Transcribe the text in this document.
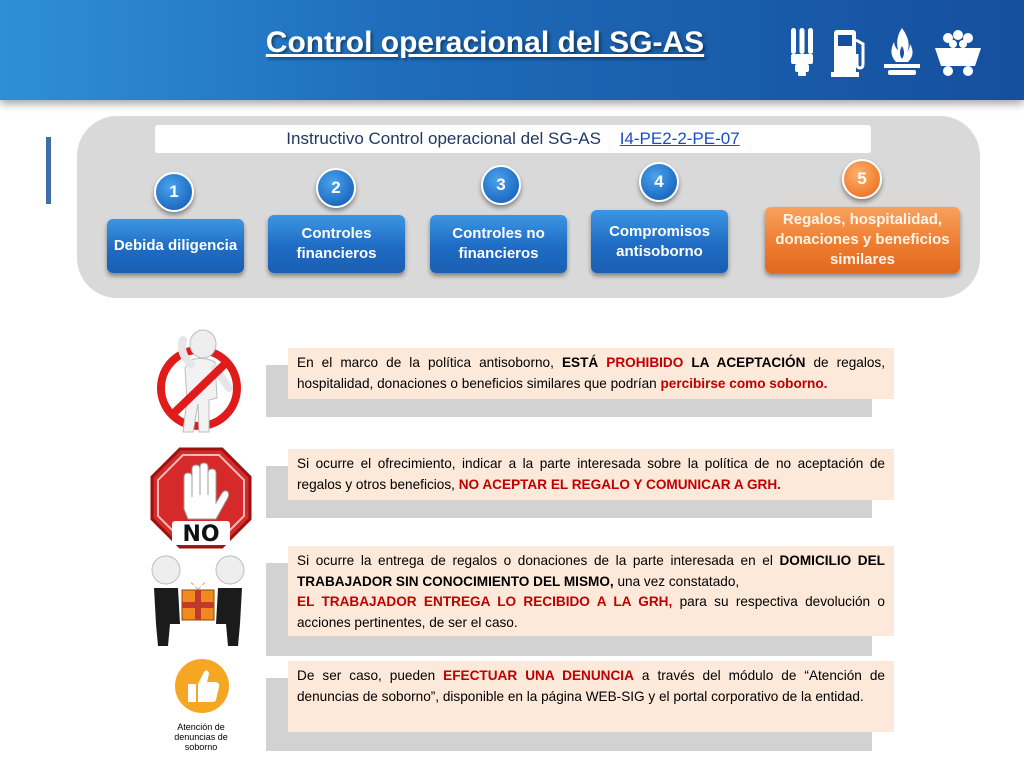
Control operacional del SG-AS
Instructivo Control operacional del SG-AS I4-PE2-2-PE-07
1	2	3	4	5
Debida diligencia
Controles financieros
Controles no financieros
Compromisos antisoborno
Regalos, hospitalidad, donaciones y beneficios similares
En el marco de la política antisoborno, ESTÁ PROHIBIDO LA ACEPTACIÓN de regalos, hospitalidad, donaciones o beneficios similares que podrían percibirse como soborno.
NO
Si ocurre el ofrecimiento, indicar a la parte interesada sobre la política de no aceptación de regalos y otros beneficios, NO ACEPTAR EL REGALO Y COMUNICAR A GRH.
Si ocurre la entrega de regalos o donaciones de la parte interesada en el DOMICILIO DEL TRABAJADOR SIN CONOCIMIENTO DEL MISMO, una vez constatado,
EL TRABAJADOR ENTREGA LO RECIBIDO A LA GRH, para su respectiva devolución o acciones pertinentes, de ser el caso.
Atención de denuncias de soborno
De ser caso, pueden EFECTUAR UNA DENUNCIA a través del módulo de “Atención de denuncias de soborno”, disponible en la página WEB-SIG y el portal corporativo de la entidad.
